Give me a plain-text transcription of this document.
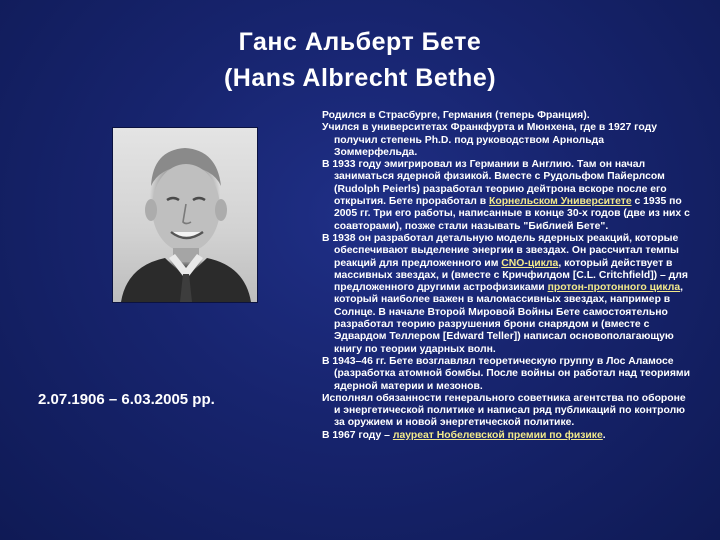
Ганс Альберт Бете
(Hans Albrecht Bethe)
2.07.1906 – 6.03.2005 рр.

Родился в Страсбурге, Германия (теперь Франция).

Учился в университетах Франкфурта и Мюнхена, где в 1927 году получил степень Ph.D. под руководством Арнольда Зоммерфельда.

В 1933 году эмигрировал из Германии в Англию. Там он начал заниматься ядерной физикой. Вместе с Рудольфом Пайерлсом (Rudolph Peierls) разработал теорию дейтрона вскоре после его открытия. Бете проработал в Корнельском Университете с 1935 по 2005 гг. Три его работы, написанные в конце 30-х годов (две из них с соавторами), позже стали называть "Библией Бете".

В 1938 он разработал детальную модель ядерных реакций, которые обеспечивают выделение энергии в звездах. Он рассчитал темпы реакций для предложенного им CNO-цикла, который действует в массивных звездах, и (вместе с Кричфилдом [C.L. Critchfield]) – для предложенного другими астрофизиками протон-протонного цикла, который наиболее важен в маломассивных звездах, например в Солнце. В начале Второй Мировой Войны Бете самостоятельно разработал теорию разрушения брони снарядом и (вместе с Эдвардом Теллером [Edward Teller]) написал основополагающую книгу по теории ударных волн.

В 1943–46 гг. Бете возглавлял теоретическую группу в Лос Аламосе (разработка атомной бомбы. После войны он работал над теориями ядерной материи и мезонов.

Исполнял обязанности генерального советника агентства по обороне и энергетической политике и написал ряд публикаций по контролю за оружием и новой энергетической политике.

В 1967 году – лауреат Нобелевской премии по физике.
